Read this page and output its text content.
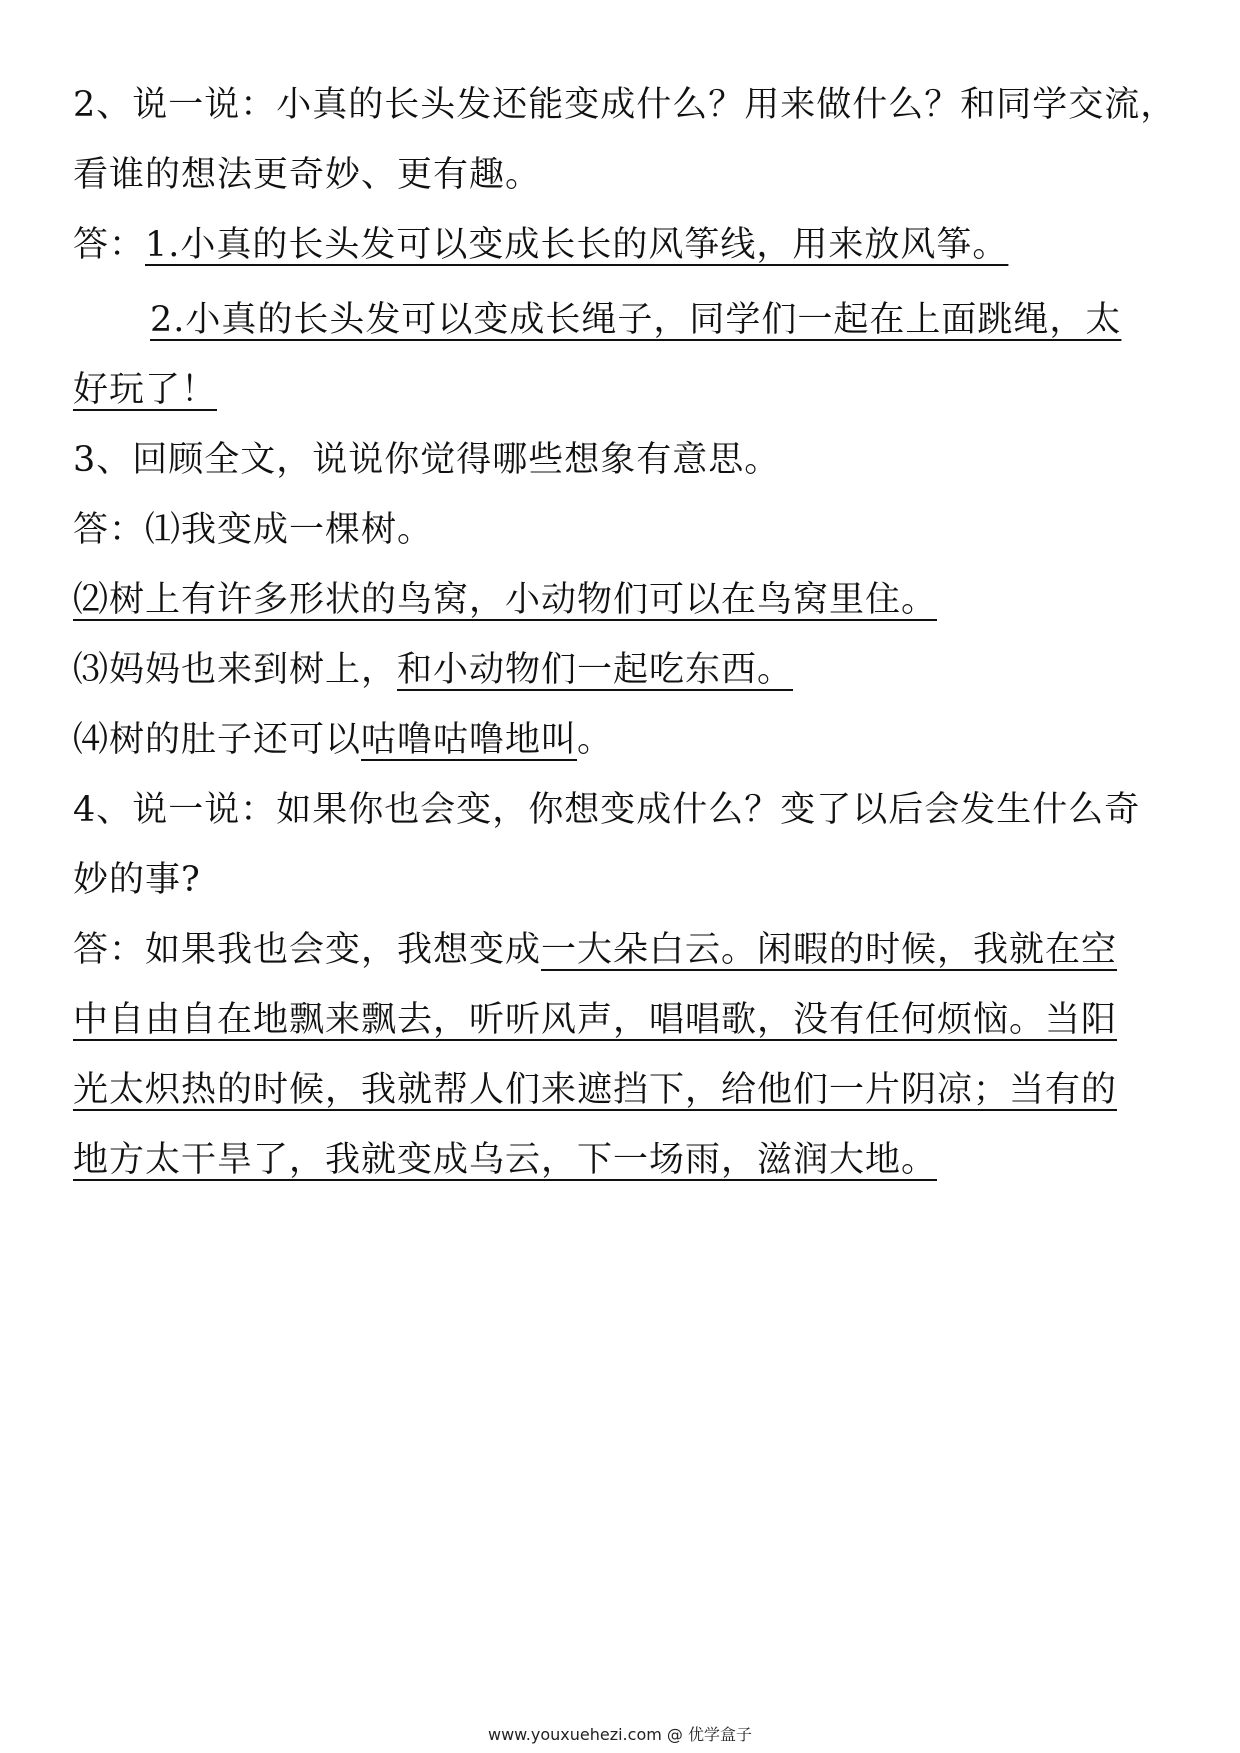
2、说一说：小真的长头发还能变成什么？用来做什么？和同学交流，
看谁的想法更奇妙、更有趣。
答：1.小真的长头发可以变成长长的风筝线，用来放风筝。
2.小真的长头发可以变成长绳子，同学们一起在上面跳绳，太
好玩了！
3、回顾全文，说说你觉得哪些想象有意思。
答：⑴我变成一棵树。
⑵树上有许多形状的鸟窝，小动物们可以在鸟窝里住。
⑶妈妈也来到树上，和小动物们一起吃东西。
⑷树的肚子还可以咕噜咕噜地叫。
4、说一说：如果你也会变，你想变成什么？变了以后会发生什么奇
妙的事?
答：如果我也会变，我想变成一大朵白云。闲暇的时候，我就在空
中自由自在地飘来飘去，听听风声，唱唱歌，没有任何烦恼。当阳
光太炽热的时候，我就帮人们来遮挡下，给他们一片阴凉；当有的
地方太干旱了，我就变成乌云，下一场雨，滋润大地。
www.youxuehezi.com @ 优学盒子
